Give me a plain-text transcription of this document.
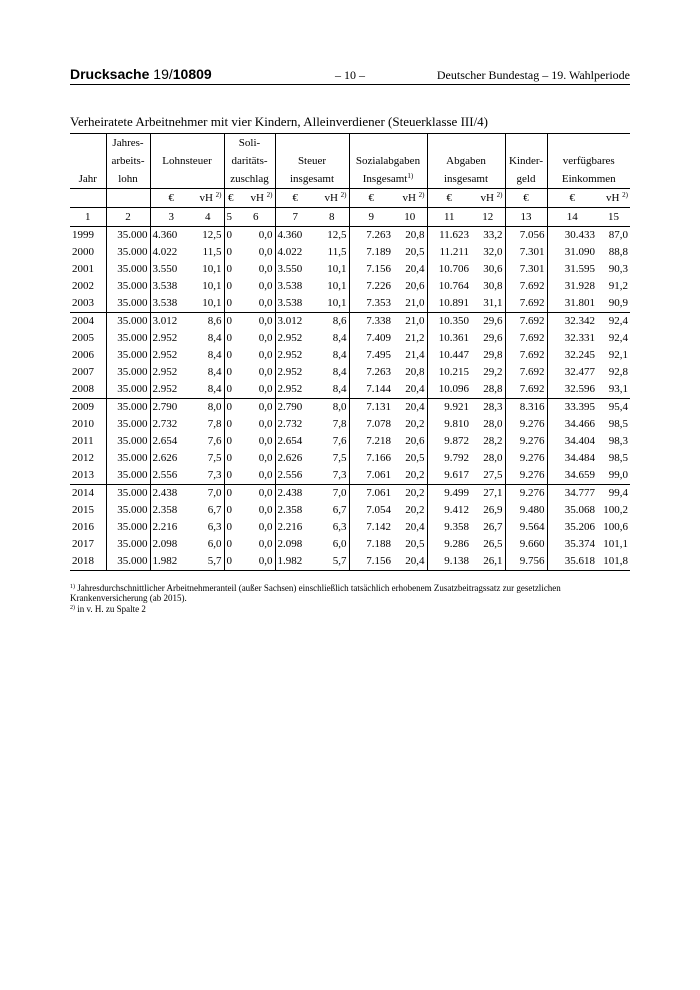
Drucksache 19/10809	– 10 –	Deutscher Bundestag – 19. Wahlperiode
Verheiratete Arbeitnehmer mit vier Kindern, Alleinverdiener (Steuerklasse III/4)
	Jahres-			Soli-										
	arbeits-	Lohnsteuer		daritäts-		Steuer		Sozialabgaben		Abgaben		Kinder-	verfügbares	
Jahr	lohn			zuschlag		insgesamt		Insgesamt$^{1)}$		insgesamt		geld	Einkommen	
		€	vH $^{2)}$	€	vH $^{2)}$	€	vH $^{2)}$	€	vH $^{2)}$	€	vH $^{2)}$	€	€	vH $^{2)}$
1	2	3	4	5	6	7	8	9	10	11	12	13	14	15
1999	35.000	4.360	12,5	0	0,0	4.360	12,5	7.263	20,8	11.623	33,2	7.056	30.433	87,0
2000	35.000	4.022	11,5	0	0,0	4.022	11,5	7.189	20,5	11.211	32,0	7.301	31.090	88,8
2001	35.000	3.550	10,1	0	0,0	3.550	10,1	7.156	20,4	10.706	30,6	7.301	31.595	90,3
2002	35.000	3.538	10,1	0	0,0	3.538	10,1	7.226	20,6	10.764	30,8	7.692	31.928	91,2
2003	35.000	3.538	10,1	0	0,0	3.538	10,1	7.353	21,0	10.891	31,1	7.692	31.801	90,9
2004	35.000	3.012	8,6	0	0,0	3.012	8,6	7.338	21,0	10.350	29,6	7.692	32.342	92,4
2005	35.000	2.952	8,4	0	0,0	2.952	8,4	7.409	21,2	10.361	29,6	7.692	32.331	92,4
2006	35.000	2.952	8,4	0	0,0	2.952	8,4	7.495	21,4	10.447	29,8	7.692	32.245	92,1
2007	35.000	2.952	8,4	0	0,0	2.952	8,4	7.263	20,8	10.215	29,2	7.692	32.477	92,8
2008	35.000	2.952	8,4	0	0,0	2.952	8,4	7.144	20,4	10.096	28,8	7.692	32.596	93,1
2009	35.000	2.790	8,0	0	0,0	2.790	8,0	7.131	20,4	9.921	28,3	8.316	33.395	95,4
2010	35.000	2.732	7,8	0	0,0	2.732	7,8	7.078	20,2	9.810	28,0	9.276	34.466	98,5
2011	35.000	2.654	7,6	0	0,0	2.654	7,6	7.218	20,6	9.872	28,2	9.276	34.404	98,3
2012	35.000	2.626	7,5	0	0,0	2.626	7,5	7.166	20,5	9.792	28,0	9.276	34.484	98,5
2013	35.000	2.556	7,3	0	0,0	2.556	7,3	7.061	20,2	9.617	27,5	9.276	34.659	99,0
2014	35.000	2.438	7,0	0	0,0	2.438	7,0	7.061	20,2	9.499	27,1	9.276	34.777	99,4
2015	35.000	2.358	6,7	0	0,0	2.358	6,7	7.054	20,2	9.412	26,9	9.480	35.068	100,2
2016	35.000	2.216	6,3	0	0,0	2.216	6,3	7.142	20,4	9.358	26,7	9.564	35.206	100,6
2017	35.000	2.098	6,0	0	0,0	2.098	6,0	7.188	20,5	9.286	26,5	9.660	35.374	101,1
2018	35.000	1.982	5,7	0	0,0	1.982	5,7	7.156	20,4	9.138	26,1	9.756	35.618	101,8
$^{1)}$ Jahresdurchschnittlicher Arbeitnehmeranteil (außer Sachsen) einschließlich tatsächlich erhobenem Zusatzbeitragssatz zur gesetzlichen Krankenversicherung (ab 2015).
$^{2)}$ in v. H. zu Spalte 2
